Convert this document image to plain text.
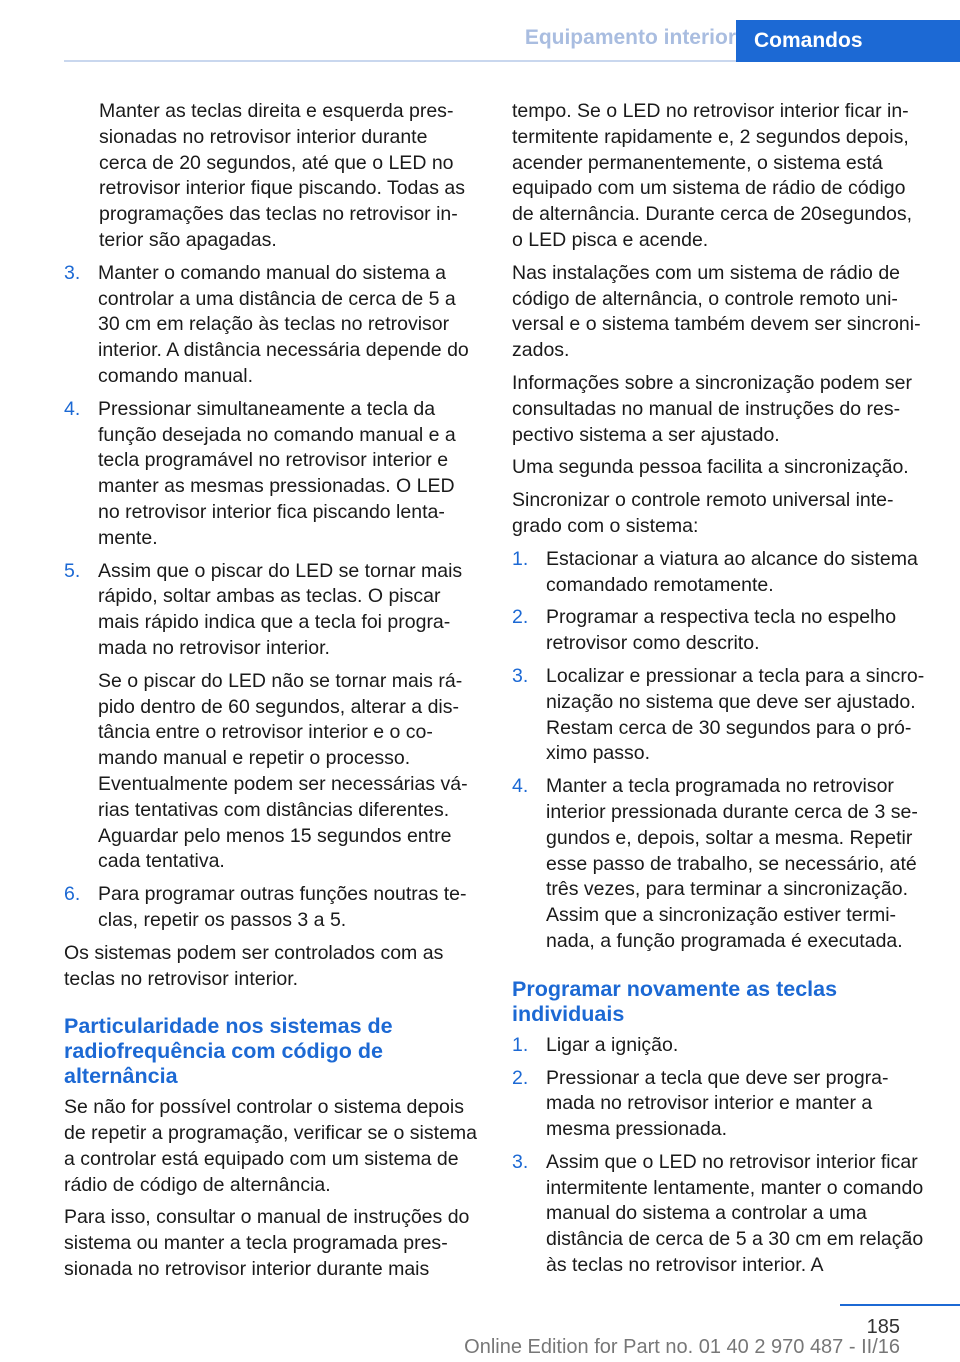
Equipamento interior Comandos

Manter as teclas direita e esquerda pressionadas no retrovisor interior durante cerca de 20 segundos, até que o LED no retrovisor interior fique piscando. Todas as programações das teclas no retrovisor interior são apagadas.

3. Manter o comando manual do sistema a controlar a uma distância de cerca de 5 a 30 cm em relação às teclas no retrovisor interior. A distância necessária depende do comando manual.
4. Pressionar simultaneamente a tecla da função desejada no comando manual e a tecla programável no retrovisor interior e manter as mesmas pressionadas. O LED no retrovisor interior fica piscando lentamente.
5. Assim que o piscar do LED se tornar mais rápido, soltar ambas as teclas. O piscar mais rápido indica que a tecla foi programada no retrovisor interior.
Se o piscar do LED não se tornar mais rápido dentro de 60 segundos, alterar a distância entre o retrovisor interior e o comando manual e repetir o processo. Eventualmente podem ser necessárias várias tentativas com distâncias diferentes. Aguardar pelo menos 15 segundos entre cada tentativa.
6. Para programar outras funções noutras teclas, repetir os passos 3 a 5.

Os sistemas podem ser controlados com as teclas no retrovisor interior.

Particularidade nos sistemas de radiofrequência com código de alternância

Se não for possível controlar o sistema depois de repetir a programação, verificar se o sistema a controlar está equipado com um sistema de rádio de código de alternância.

Para isso, consultar o manual de instruções do sistema ou manter a tecla programada pressionada no retrovisor interior durante mais

tempo. Se o LED no retrovisor interior ficar intermitente rapidamente e, 2 segundos depois, acender permanentemente, o sistema está equipado com um sistema de rádio de código de alternância. Durante cerca de 20segundos, o LED pisca e acende.

Nas instalações com um sistema de rádio de código de alternância, o controle remoto universal e o sistema também devem ser sincronizados.

Informações sobre a sincronização podem ser consultadas no manual de instruções do respectivo sistema a ser ajustado.

Uma segunda pessoa facilita a sincronização.

Sincronizar o controle remoto universal integrado com o sistema:

1. Estacionar a viatura ao alcance do sistema comandado remotamente.
2. Programar a respectiva tecla no espelho retrovisor como descrito.
3. Localizar e pressionar a tecla para a sincronização no sistema que deve ser ajustado. Restam cerca de 30 segundos para o próximo passo.
4. Manter a tecla programada no retrovisor interior pressionada durante cerca de 3 segundos e, depois, soltar a mesma. Repetir esse passo de trabalho, se necessário, até três vezes, para terminar a sincronização. Assim que a sincronização estiver terminada, a função programada é executada.
Programar novamente as teclas individuais
1. Ligar a ignição.
2. Pressionar a tecla que deve ser programada no retrovisor interior e manter a mesma pressionada.
3. Assim que o LED no retrovisor interior ficar intermitente lentamente, manter o comando manual do sistema a controlar a uma distância de cerca de 5 a 30 cm em relação às teclas no retrovisor interior. A
185
Online Edition for Part no. 01 40 2 970 487 - II/16
